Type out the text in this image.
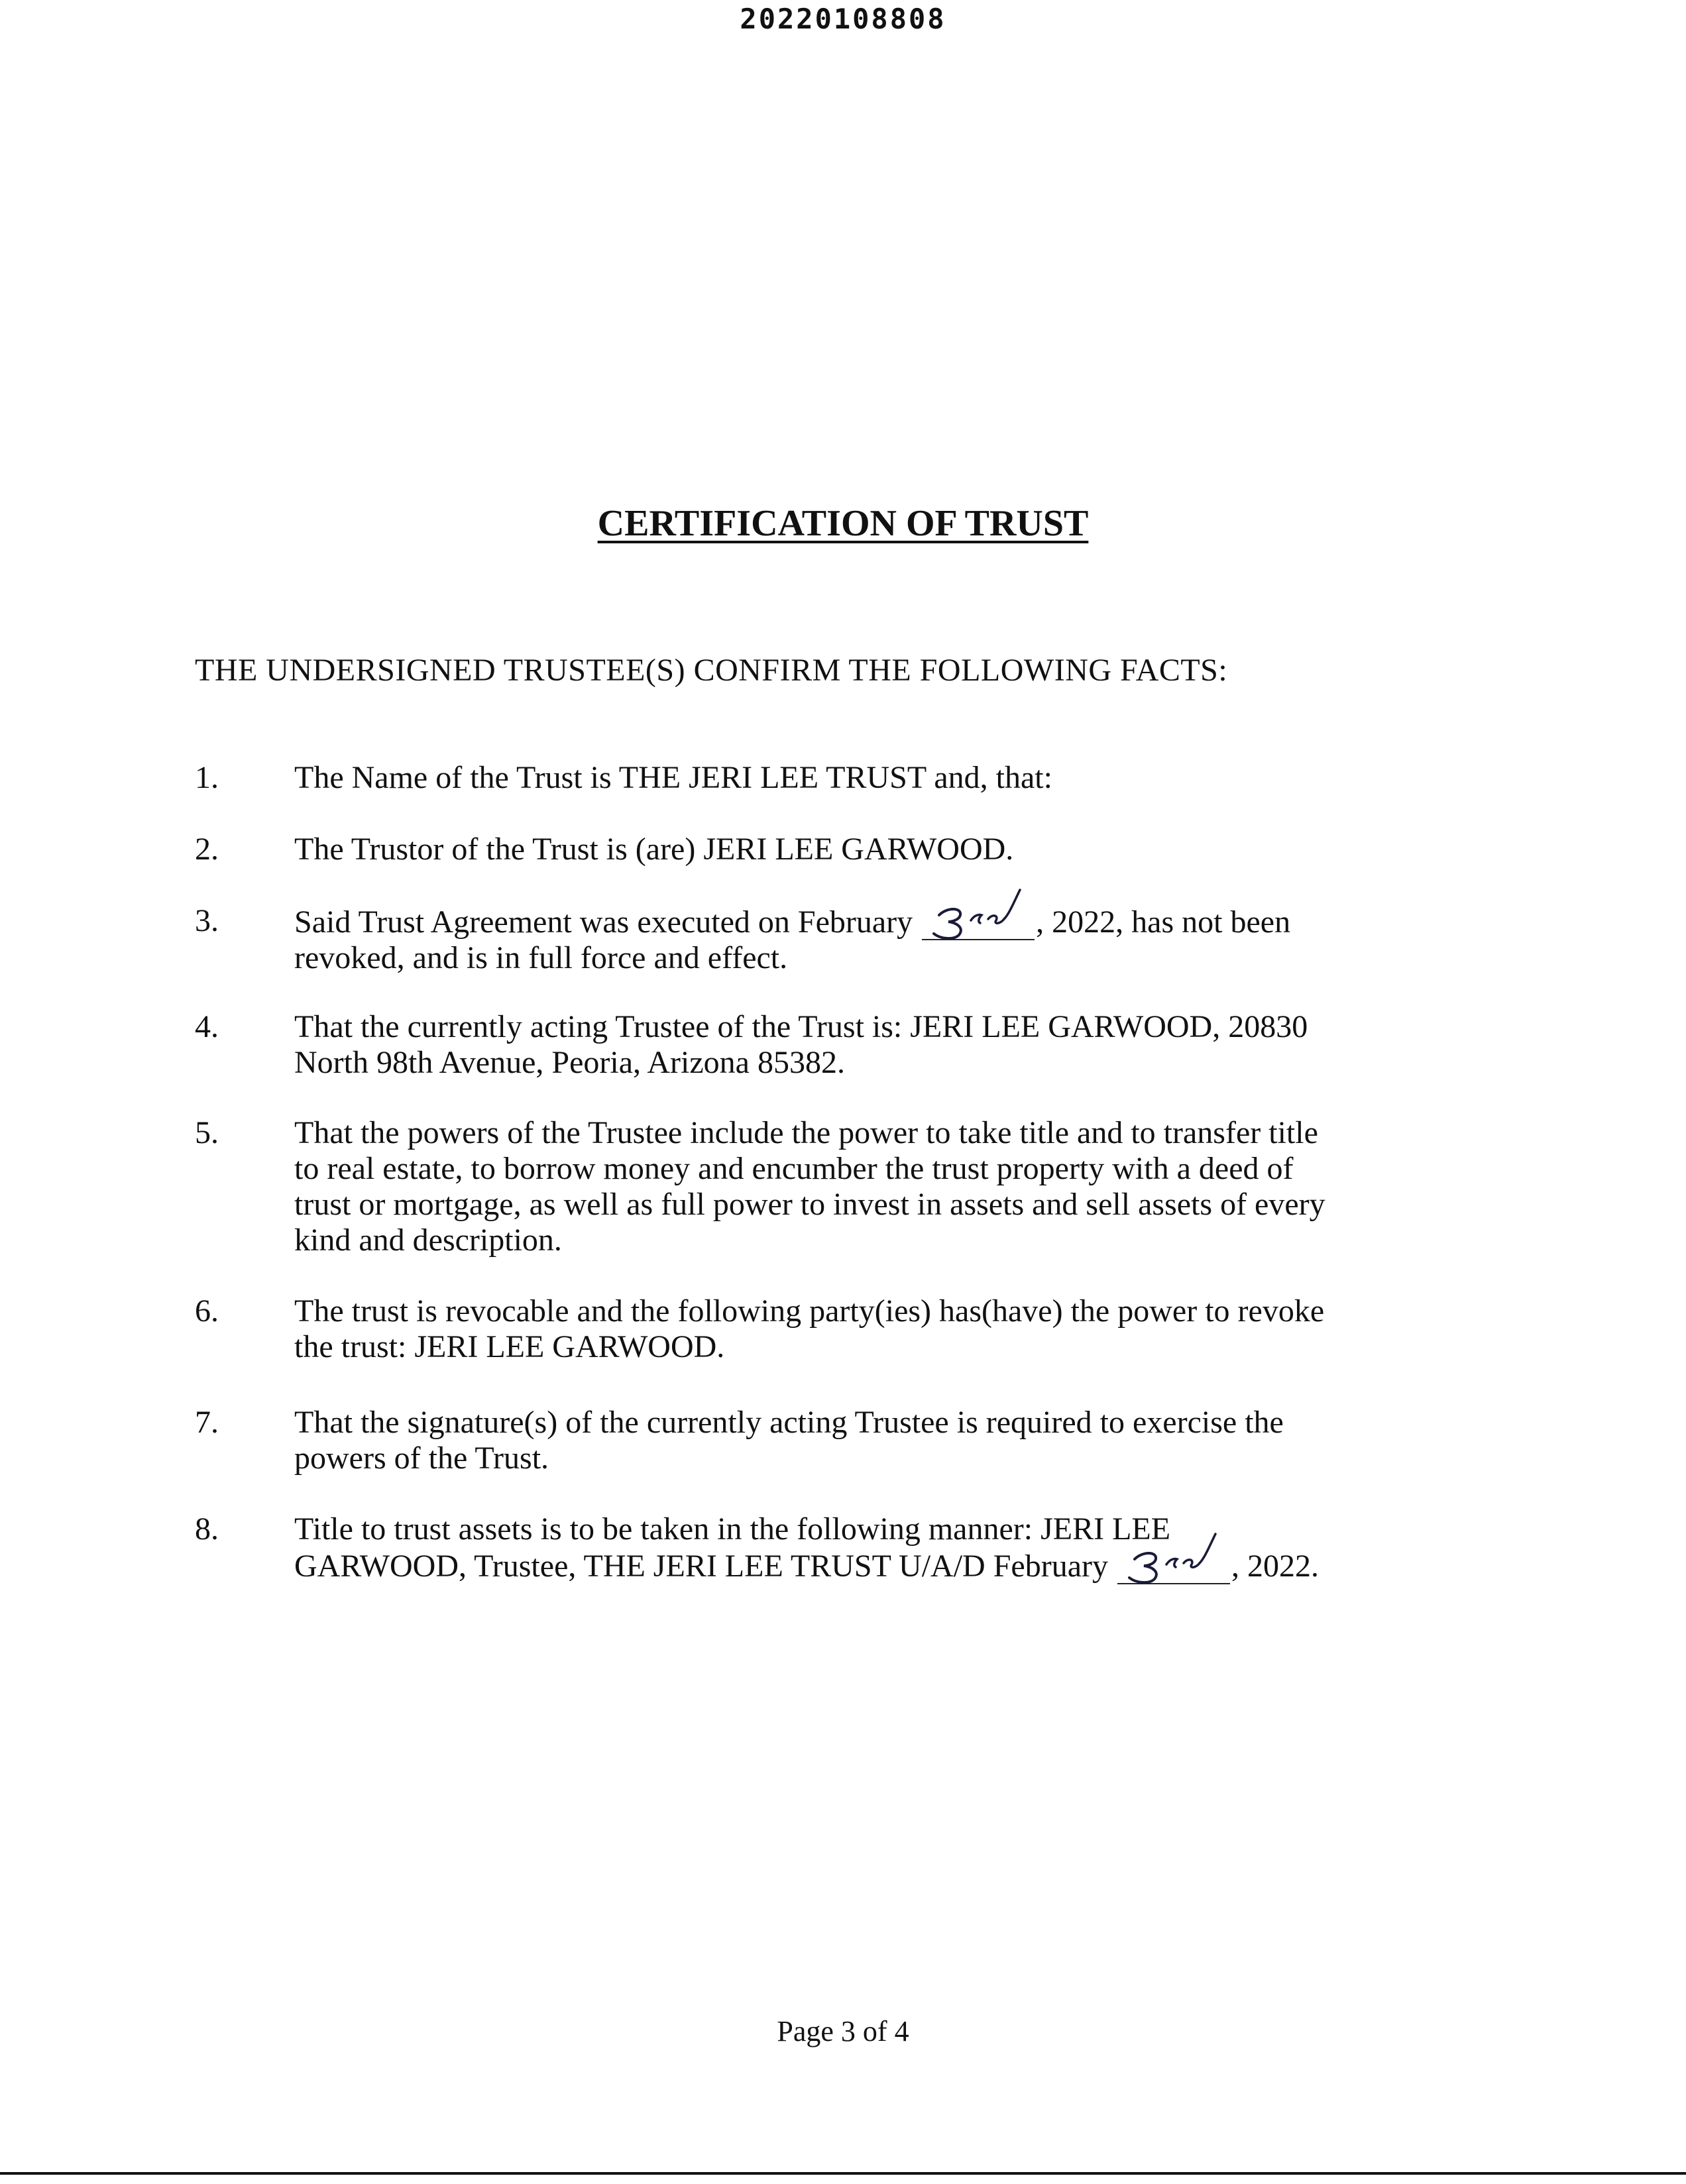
20220108808
CERTIFICATION OF TRUST
THE UNDERSIGNED TRUSTEE(S) CONFIRM THE FOLLOWING FACTS:
1.	The Name of the Trust is THE JERI LEE TRUST and, that:
2.	The Trustor of the Trust is (are) JERI LEE GARWOOD.
3.	Said Trust Agreement was executed on February	, 2022, has not been
revoked, and is in full force and effect.
4.	That the currently acting Trustee of the Trust is: JERI LEE GARWOOD, 20830
North 98th Avenue, Peoria, Arizona 85382.
5.	That the powers of the Trustee include the power to take title and to transfer title
to real estate, to borrow money and encumber the trust property with a deed of
trust or mortgage, as well as full power to invest in assets and sell assets of every
kind and description.
6.	The trust is revocable and the following party(ies) has(have) the power to revoke
the trust: JERI LEE GARWOOD.
7.	That the signature(s) of the currently acting Trustee is required to exercise the
powers of the Trust.
8.	Title to trust assets is to be taken in the following manner: JERI LEE
GARWOOD, Trustee, THE JERI LEE TRUST U/A/D February	, 2022.
Page 3 of 4
